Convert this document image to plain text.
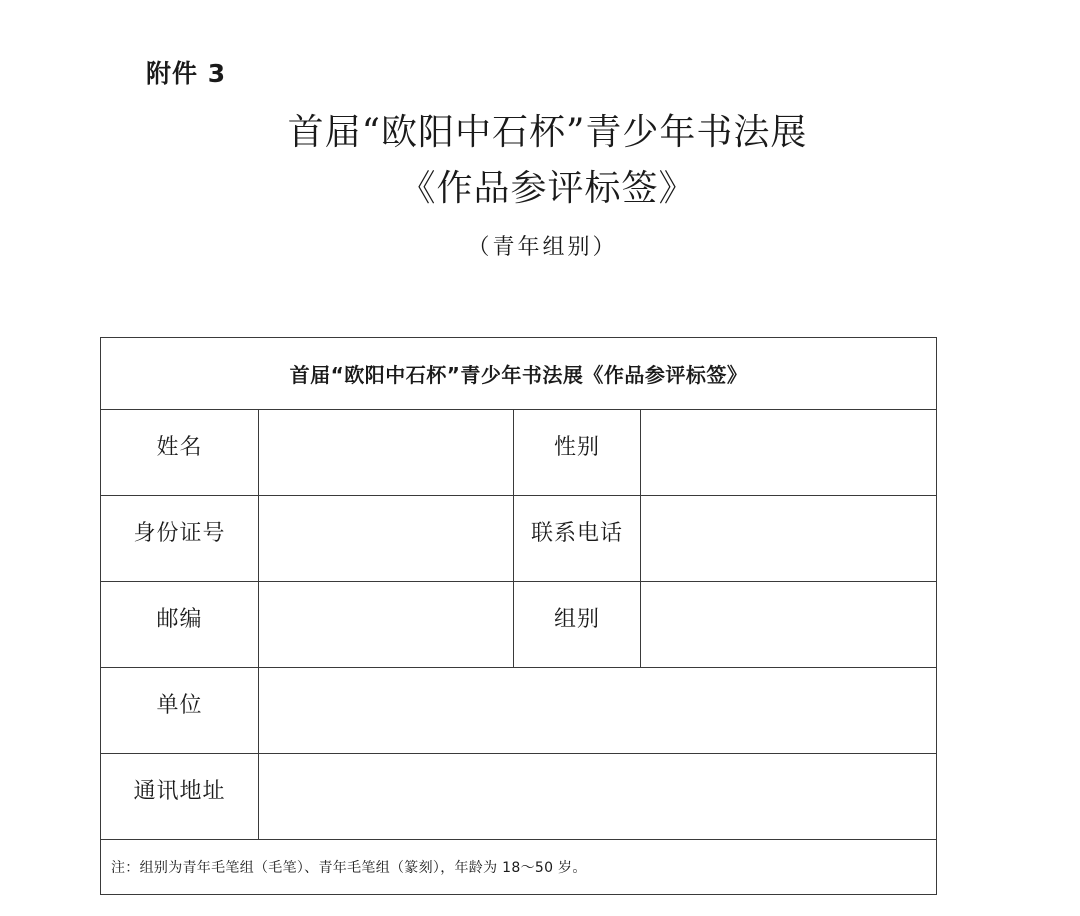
附件 3
首届“欧阳中石杯”青少年书法展
《作品参评标签》
（青年组别）
首届“欧阳中石杯”青少年书法展《作品参评标签》			
姓名		性别	
身份证号		联系电话	
邮编		组别	
单位			
通讯地址			
注：组别为青年毛笔组（毛笔）、青年毛笔组（篆刻），年龄为 18～50 岁。			
